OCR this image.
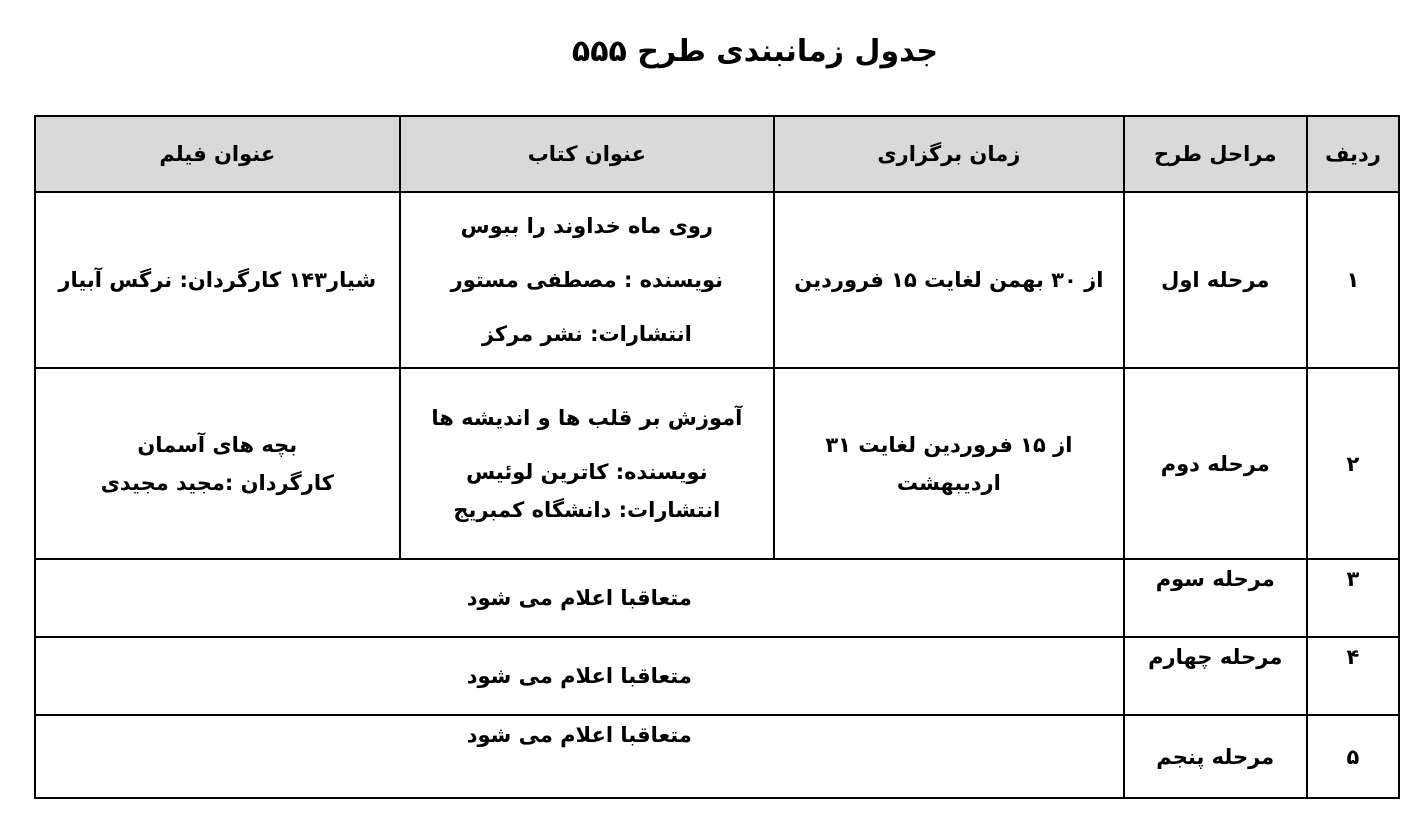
جدول زمانبندی طرح ۵۵۵
ردیف	مراحل طرح	زمان برگزاری	عنوان کتاب	عنوان فیلم
۱	مرحله اول	از ۳۰ بهمن لغایت ۱۵ فروردین	روی ماه خداوند را ببوس
نویسنده : مصطفی مستور
انتشارات: نشر مرکز	شیار۱۴۳ کارگردان: نرگس آبیار

۲	مرحله دوم	از ۱۵ فروردین لغایت ۳۱
اردیبهشت	آموزش بر قلب ها و اندیشه ها
نویسنده: کاترین لوئیس
انتشارات: دانشگاه کمبریج	بچه های آسمان
کارگردان :مجید مجیدی

۳	مرحله سوم	متعاقبا اعلام می شود		
۴	مرحله چهارم	متعاقبا اعلام می شود		
۵	مرحله پنجم	متعاقبا اعلام می شود		
